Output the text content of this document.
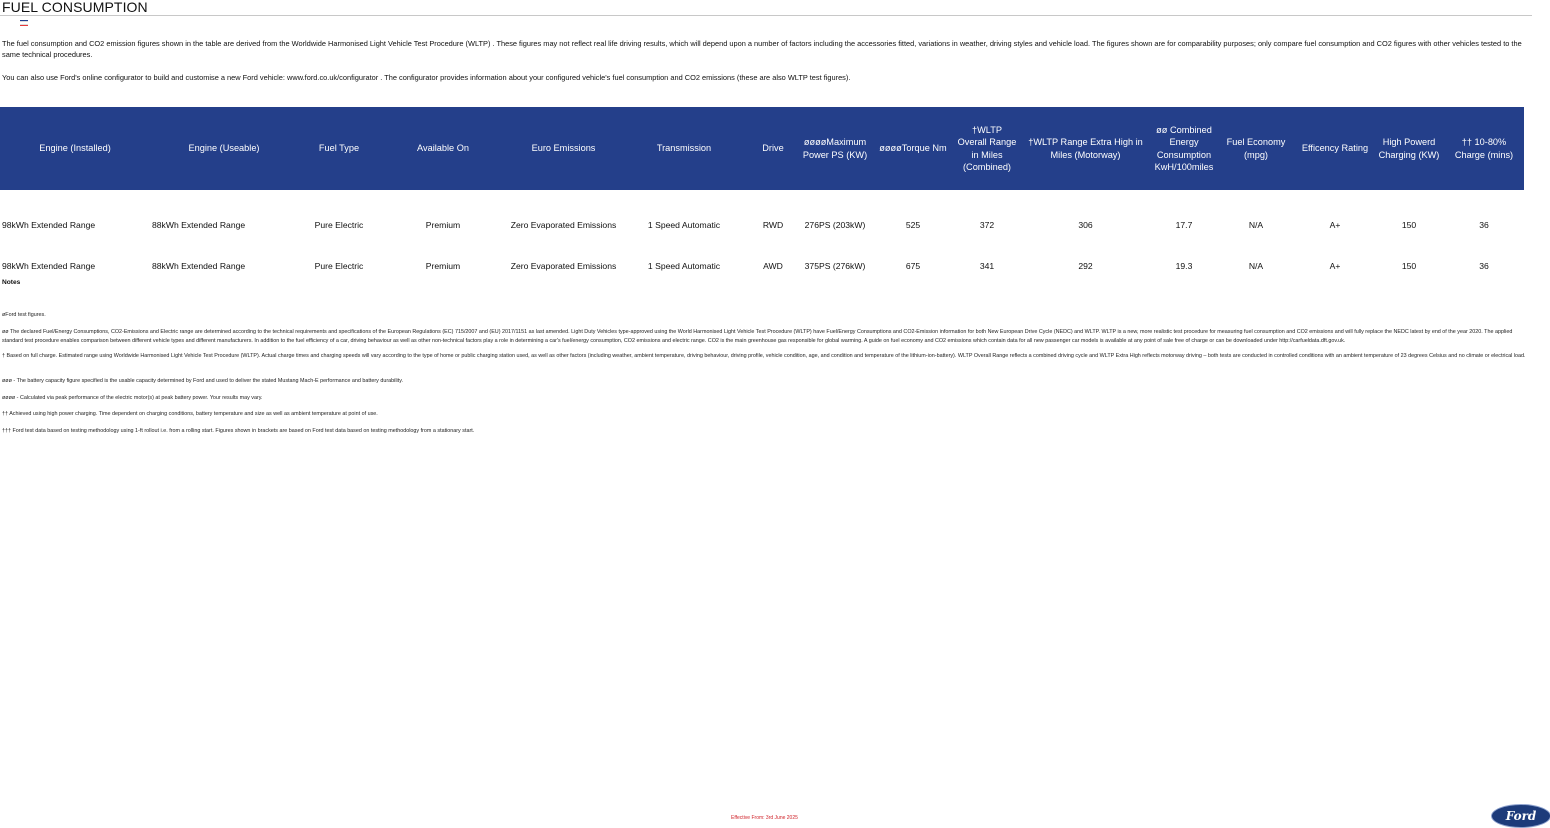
FUEL CONSUMPTION
The fuel consumption and CO2 emission figures shown in the table are derived from the Worldwide Harmonised Light Vehicle Test Procedure (WLTP) . These figures may not reflect real life driving results, which will depend upon a number of factors including the accessories fitted, variations in weather, driving styles and vehicle load. The figures shown are for comparability purposes; only compare fuel consumption and CO2 figures with other vehicles tested to the same technical procedures.
You can also use Ford's online configurator to build and customise a new Ford vehicle: www.ford.co.uk/configurator . The configurator provides information about your configured vehicle's fuel consumption and CO2 emissions (these are also WLTP test figures).
Engine (Installed)	Engine (Useable)	Fuel Type	Available On	Euro Emissions	Transmission	Drive	øøøøMaximum Power PS (KW)	øøøøTorque Nm	†WLTP Overall Range in Miles (Combined)	†WLTP Range Extra High in Miles (Motorway)	øø Combined Energy Consumption KwH/100miles	Fuel Economy (mpg)	Efficency Rating	High Powerd Charging (KW)	†† 10-80% Charge (mins)
98kWh Extended Range	88kWh Extended Range	Pure Electric	Premium	Zero Evaporated Emissions	1 Speed Automatic	RWD	276PS (203kW)	525	372	306	17.7	N/A	A+	150	36
98kWh Extended Range	88kWh Extended Range	Pure Electric	Premium	Zero Evaporated Emissions	1 Speed Automatic	AWD	375PS (276kW)	675	341	292	19.3	N/A	A+	150	36
Notes
øFord test figures.
øø The declared Fuel/Energy Consumptions, CO2-Emissions and Electric range are determined according to the technical requirements and specifications of the European Regulations (EC) 715/2007 and (EU) 2017/1151 as last amended. Light Duty Vehicles type-approved using the World Harmonised Light Vehicle Test Procedure (WLTP) have Fuel/Energy Consumptions and CO2-Emission information for both New European Drive Cycle (NEDC) and WLTP. WLTP is a new, more realistic test procedure for measuring fuel consumption and CO2 emissions and will fully replace the NEDC latest by end of the year 2020. The applied standard test procedure enables comparison between different vehicle types and different manufacturers. In addition to the fuel efficiency of a car, driving behaviour as well as other non-technical factors play a role in determining a car's fuel/energy consumption, CO2 emissions and electric range. CO2 is the main greenhouse gas responsible for global warming. A guide on fuel economy and CO2 emissions which contain data for all new passenger car models is available at any point of sale free of charge or can be downloaded under http://carfueldata.dft.gov.uk.
† Based on full charge. Estimated range using Worldwide Harmonised Light Vehicle Test Procedure (WLTP). Actual charge times and charging speeds will vary according to the type of home or public charging station used, as well as other factors (including weather, ambient temperature, driving behaviour, driving profile, vehicle condition, age, and condition and temperature of the lithium-ion-battery). WLTP Overall Range reflects a combined driving cycle and WLTP Extra High reflects motorway driving – both tests are conducted in controlled conditions with an ambient temperature of 23 degrees Celsius and no climate or electrical load.
øøø - The battery capacity figure specified is the usable capacity determined by Ford and used to deliver the stated Mustang Mach-E performance and battery durability.
øøøø - Calculated via peak performance of the electric motor(s) at peak battery power. Your results may vary.
†† Achieved using high power charging. Time dependent on charging conditions, battery temperature and size as well as ambient temperature at point of use.
††† Ford test data based on testing methodology using 1-ft rollout i.e. from a rolling start. Figures shown in brackets are based on Ford test data based on testing methodology from a stationary start.
Effective From: 3rd June 2025	Ford
